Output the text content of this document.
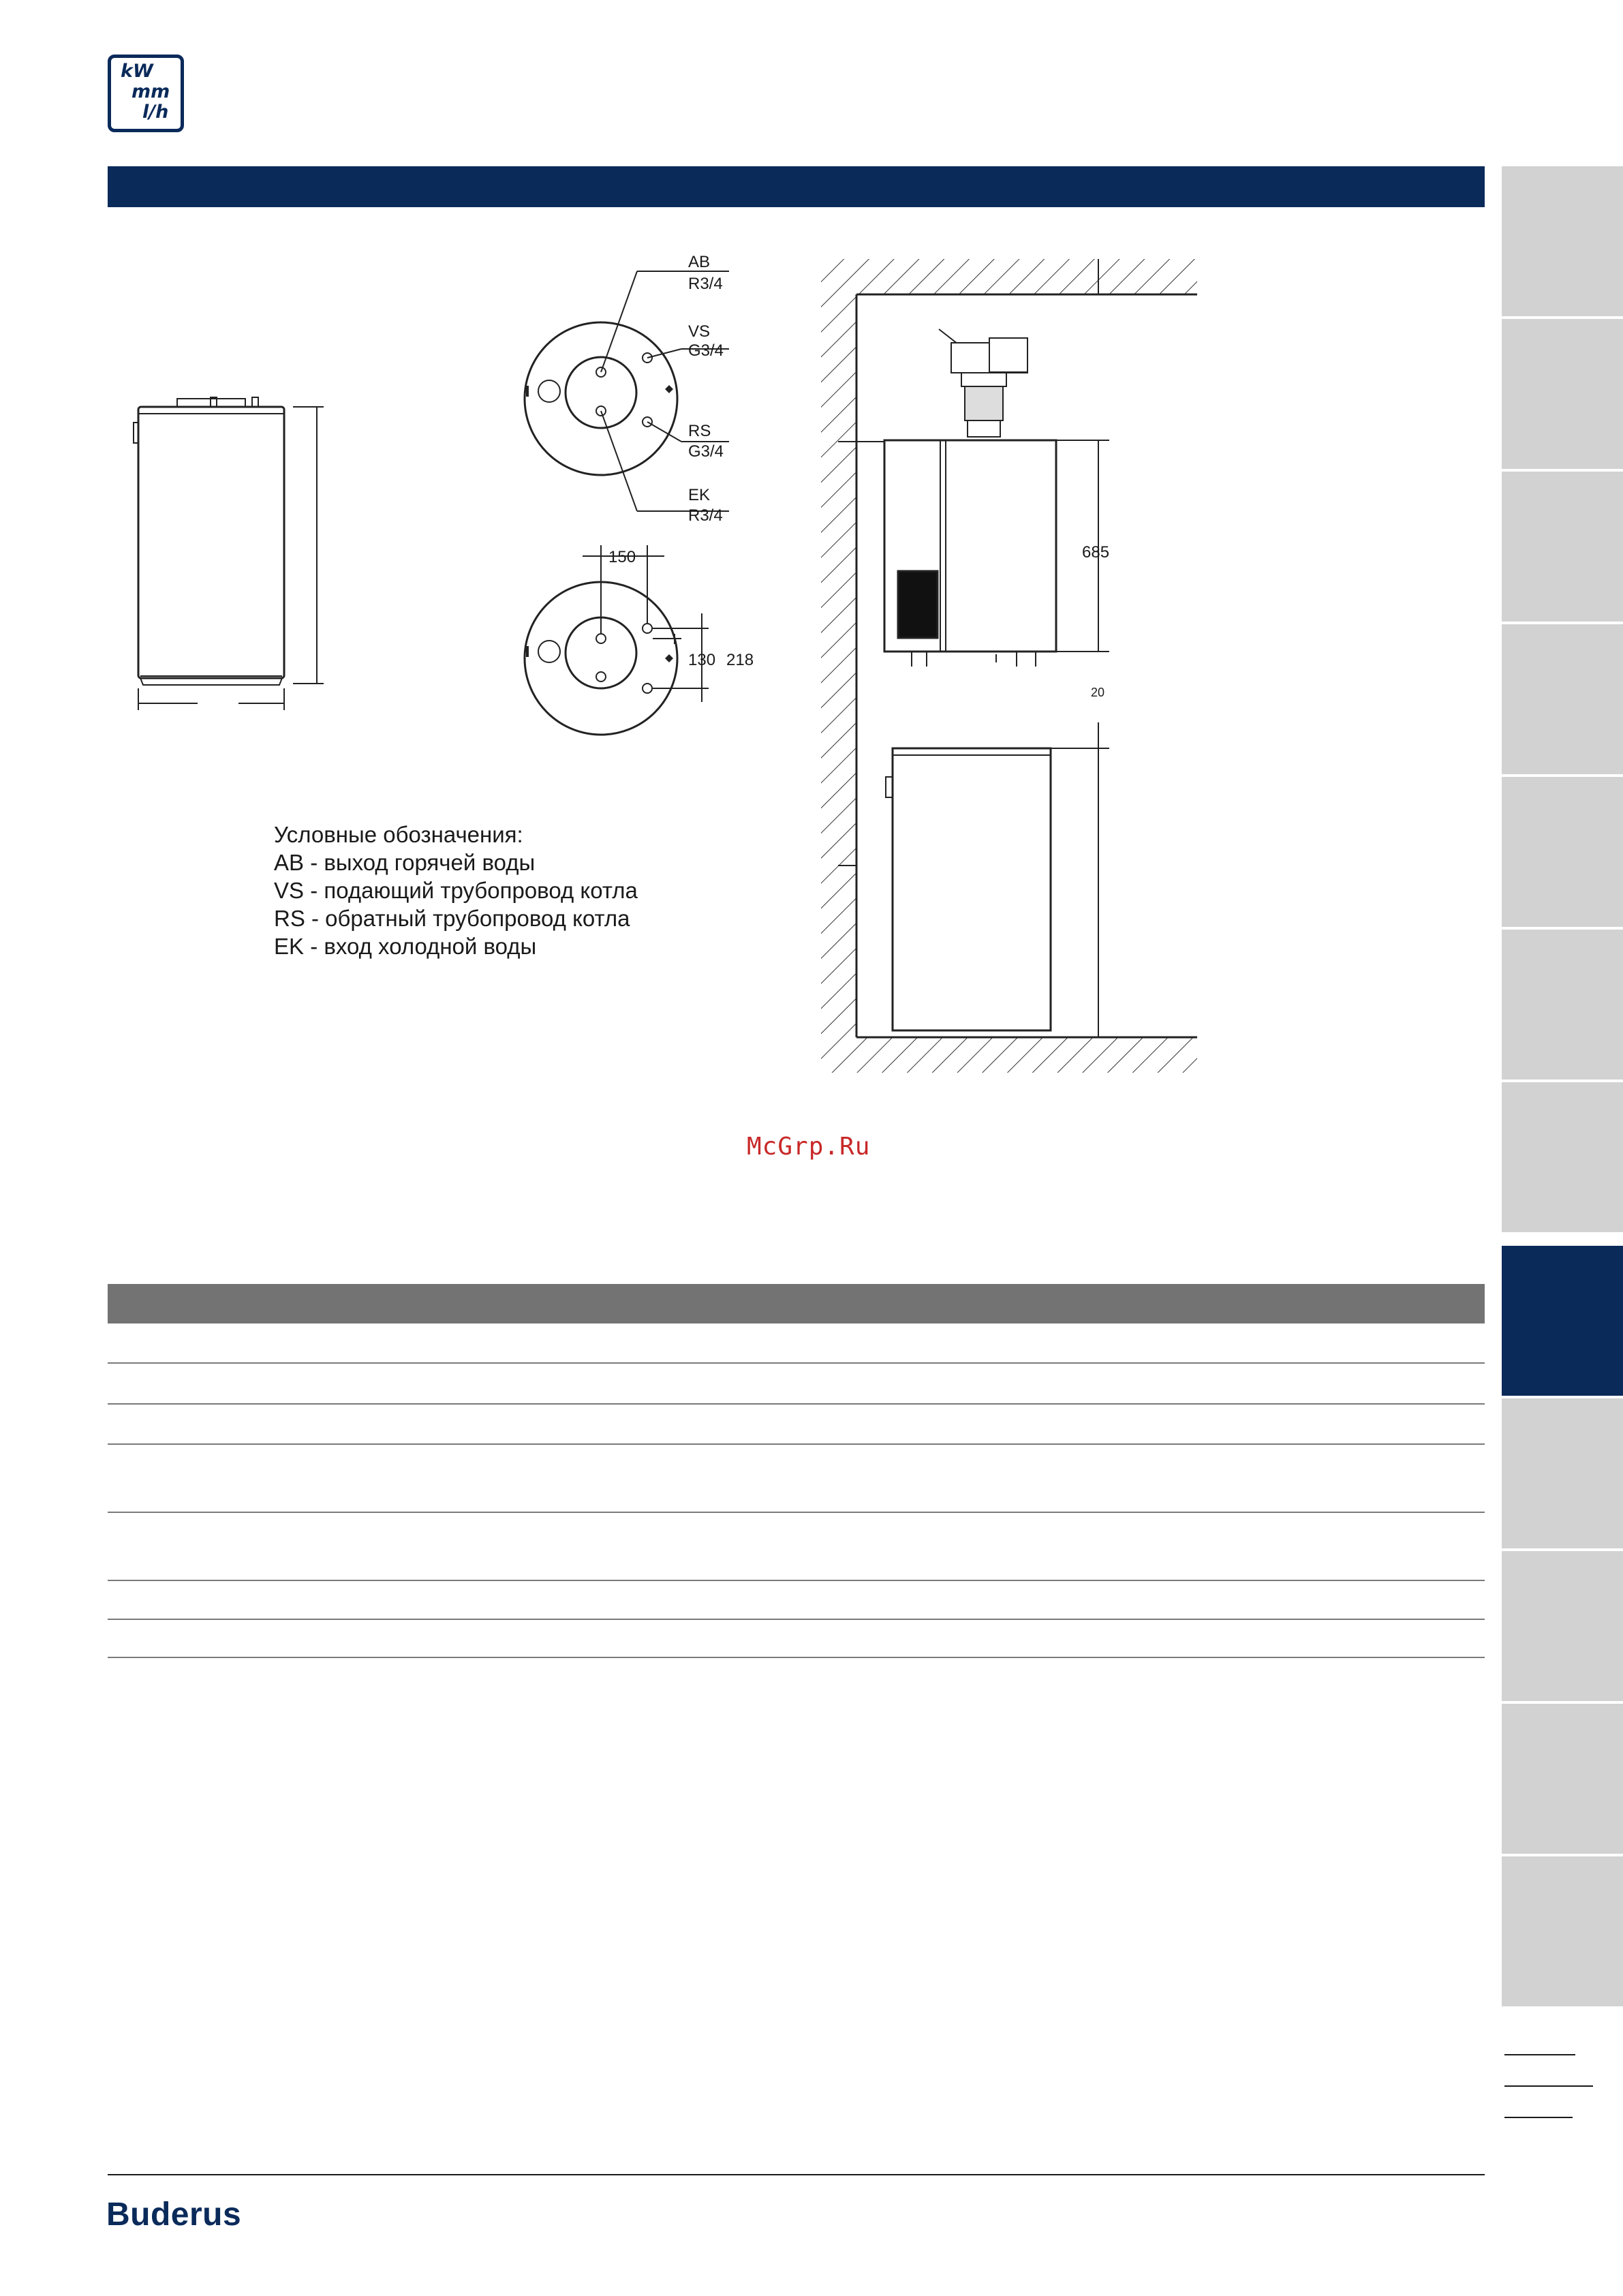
kW
mm
l/h
AB
R3/4
VS
G3/4
RS
G3/4
EK
R3/4
150
130 218
685
20
Условные обозначения:
AB - выход горячей воды
VS - подающий трубопровод котла
RS - обратный трубопровод котла
EK - вход холодной воды
McGrp.Ru
Buderus
